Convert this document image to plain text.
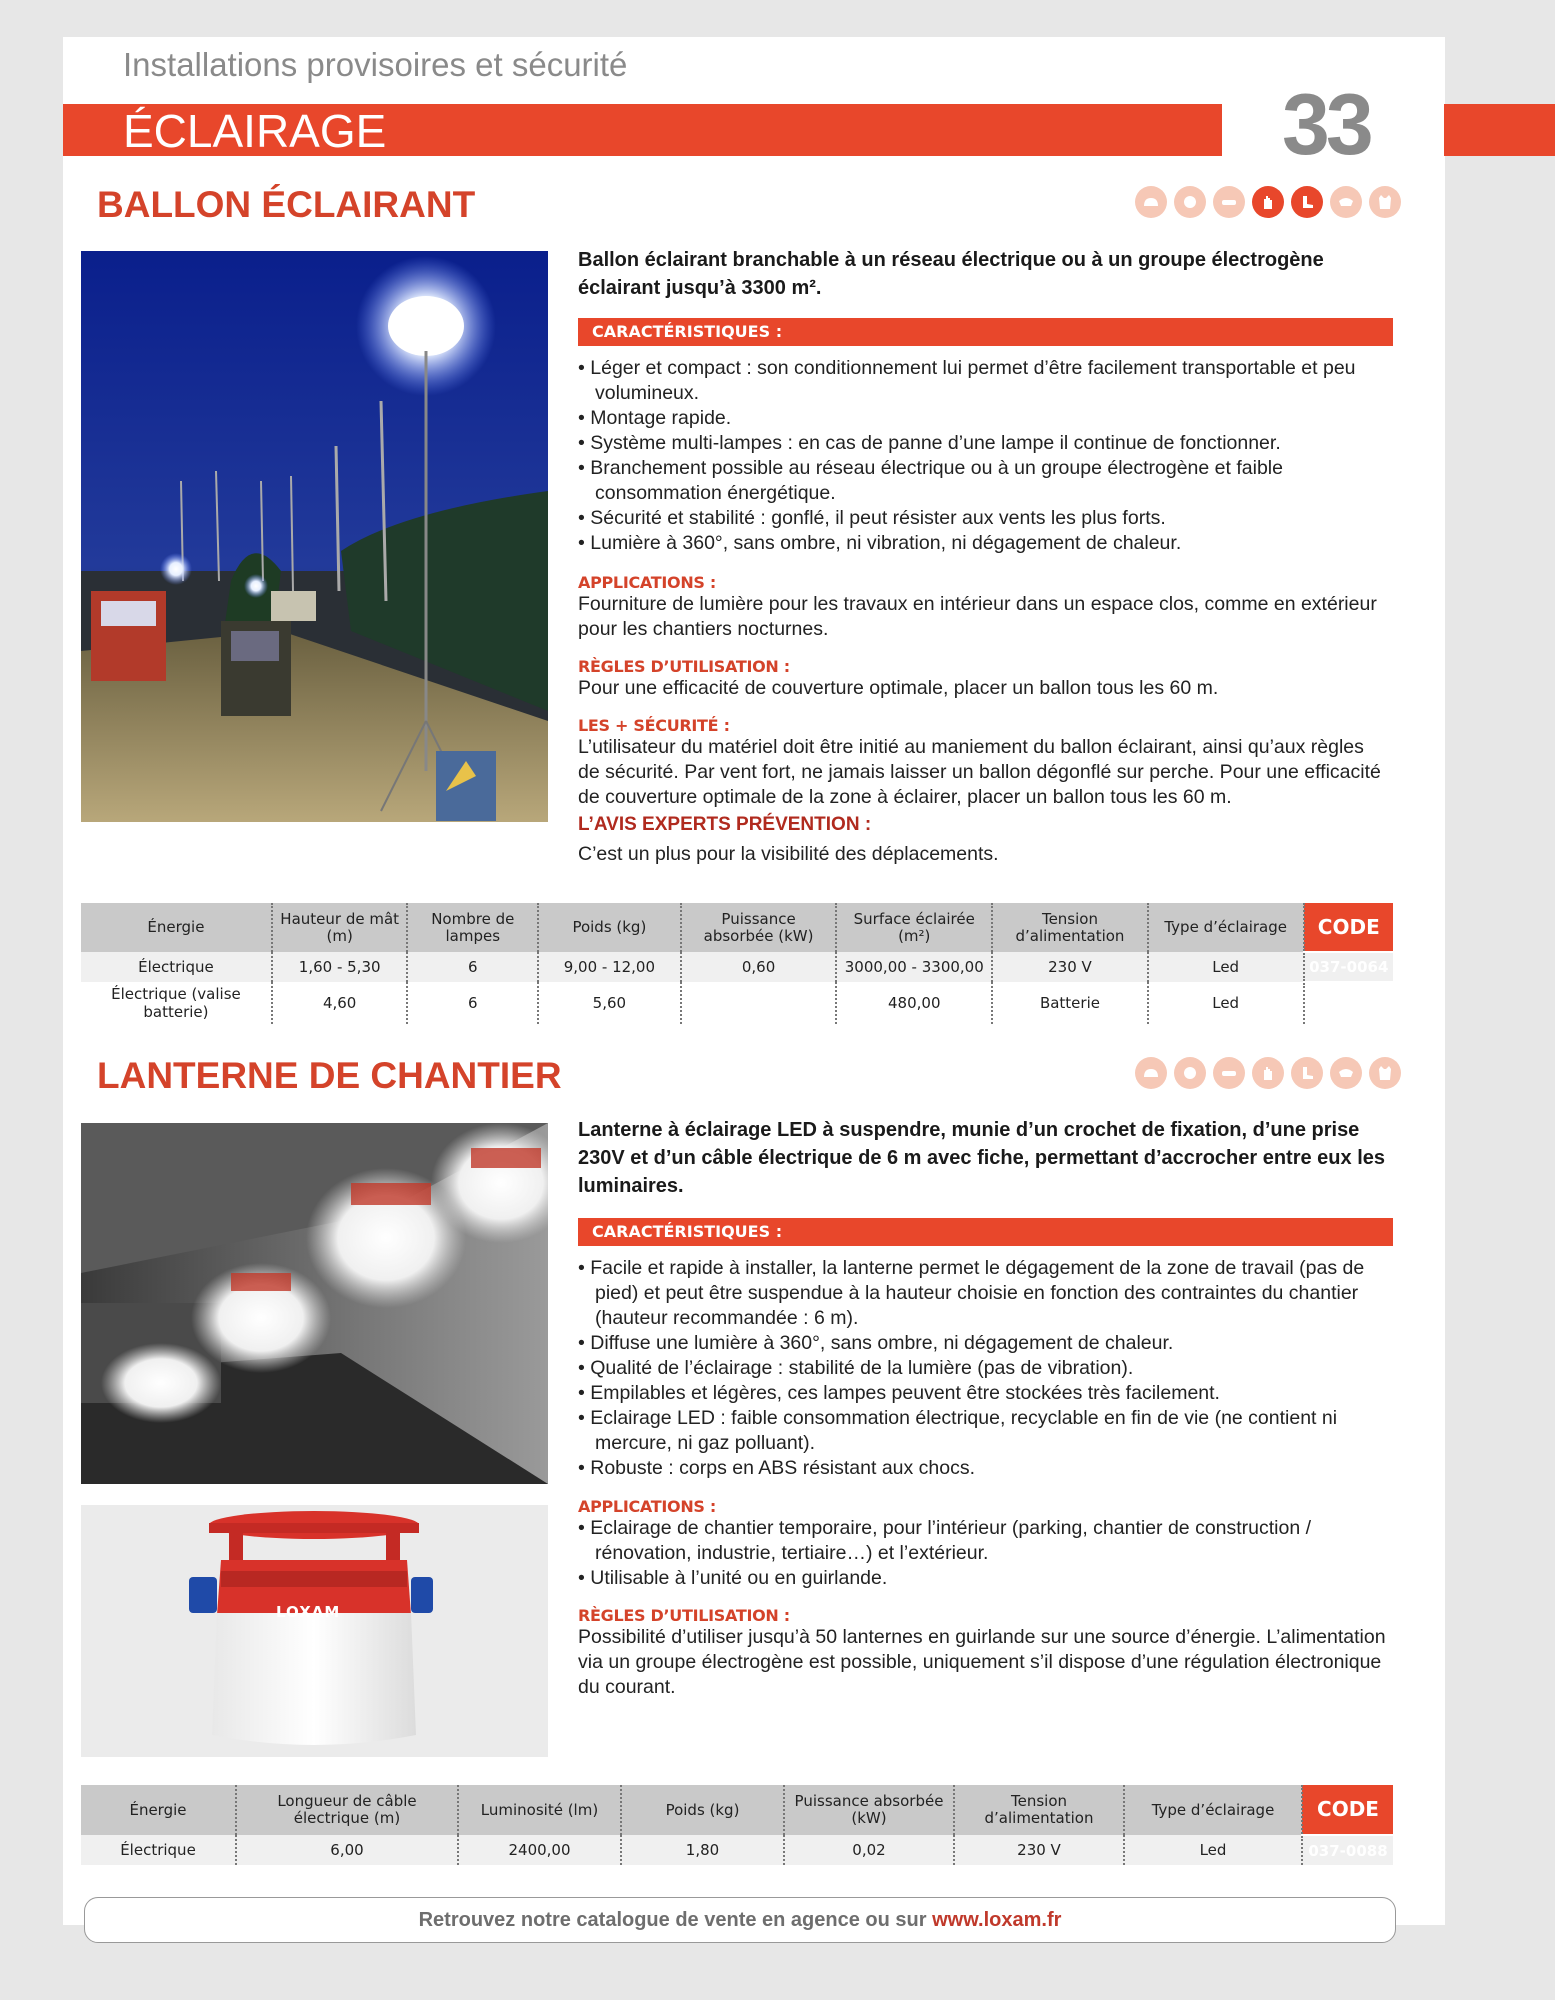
Installations provisoires et sécurité
ÉCLAIRAGE	33
BALLON ÉCLAIRANT

Ballon éclairant branchable à un réseau électrique ou à un groupe électrogène éclairant jusqu’à 3300 m².

CARACTÉRISTIQUES :
• Léger et compact : son conditionnement lui permet d’être facilement transportable et peu volumineux.
• Montage rapide.
• Système multi-lampes : en cas de panne d’une lampe il continue de fonctionner.
• Branchement possible au réseau électrique ou à un groupe électrogène et faible consommation énergétique.
• Sécurité et stabilité : gonflé, il peut résister aux vents les plus forts.
• Lumière à 360°, sans ombre, ni vibration, ni dégagement de chaleur.
APPLICATIONS :

Fourniture de lumière pour les travaux en intérieur dans un espace clos, comme en extérieur pour les chantiers nocturnes.

RÈGLES D’UTILISATION :

Pour une efficacité de couverture optimale, placer un ballon tous les 60 m.

LES + SÉCURITÉ :

L’utilisateur du matériel doit être initié au maniement du ballon éclairant, ainsi qu’aux règles de sécurité. Par vent fort, ne jamais laisser un ballon dégonflé sur perche. Pour une efficacité de couverture optimale de la zone à éclairer, placer un ballon tous les 60 m.

L’AVIS EXPERTS PRÉVENTION :

C’est un plus pour la visibilité des déplacements.

Énergie	Hauteur de mât (m)	Nombre de lampes	Poids (kg)	Puissance absorbée (kW)	Surface éclairée (m²)	Tension d’alimentation	Type d’éclairage	CODE
Électrique	1,60 - 5,30	6	9,00 - 12,00	0,60	3000,00 - 3300,00	230 V	Led	037-0064
Électrique (valise batterie)	4,60	6	5,60		480,00	Batterie	Led	037-0065
LANTERNE DE CHANTIER
LOXAM

Lanterne à éclairage LED à suspendre, munie d’un crochet de fixation, d’une prise 230V et d’un câble électrique de 6 m avec fiche, permettant d’accrocher entre eux les luminaires.

CARACTÉRISTIQUES :
• Facile et rapide à installer, la lanterne permet le dégagement de la zone de travail (pas de pied) et peut être suspendue à la hauteur choisie en fonction des contraintes du chantier (hauteur recommandée : 6 m).
• Diffuse une lumière à 360°, sans ombre, ni dégagement de chaleur.
• Qualité de l’éclairage : stabilité de la lumière (pas de vibration).
• Empilables et légères, ces lampes peuvent être stockées très facilement.
• Eclairage LED : faible consommation électrique, recyclable en fin de vie (ne contient ni mercure, ni gaz polluant).
• Robuste : corps en ABS résistant aux chocs.
APPLICATIONS :
• Eclairage de chantier temporaire, pour l’intérieur (parking, chantier de construction / rénovation, industrie, tertiaire…) et l’extérieur.
• Utilisable à l’unité ou en guirlande.
RÈGLES D’UTILISATION :

Possibilité d’utiliser jusqu’à 50 lanternes en guirlande sur une source d’énergie. L’alimentation via un groupe électrogène est possible, uniquement s’il dispose d’une régulation électronique du courant.

Énergie	Longueur de câble électrique (m)	Luminosité (lm)	Poids (kg)	Puissance absorbée (kW)	Tension d’alimentation	Type d’éclairage	CODE
Électrique	6,00	2400,00	1,80	0,02	230 V	Led	037-0088
Retrouvez notre catalogue de vente en agence ou sur www.loxam.fr
